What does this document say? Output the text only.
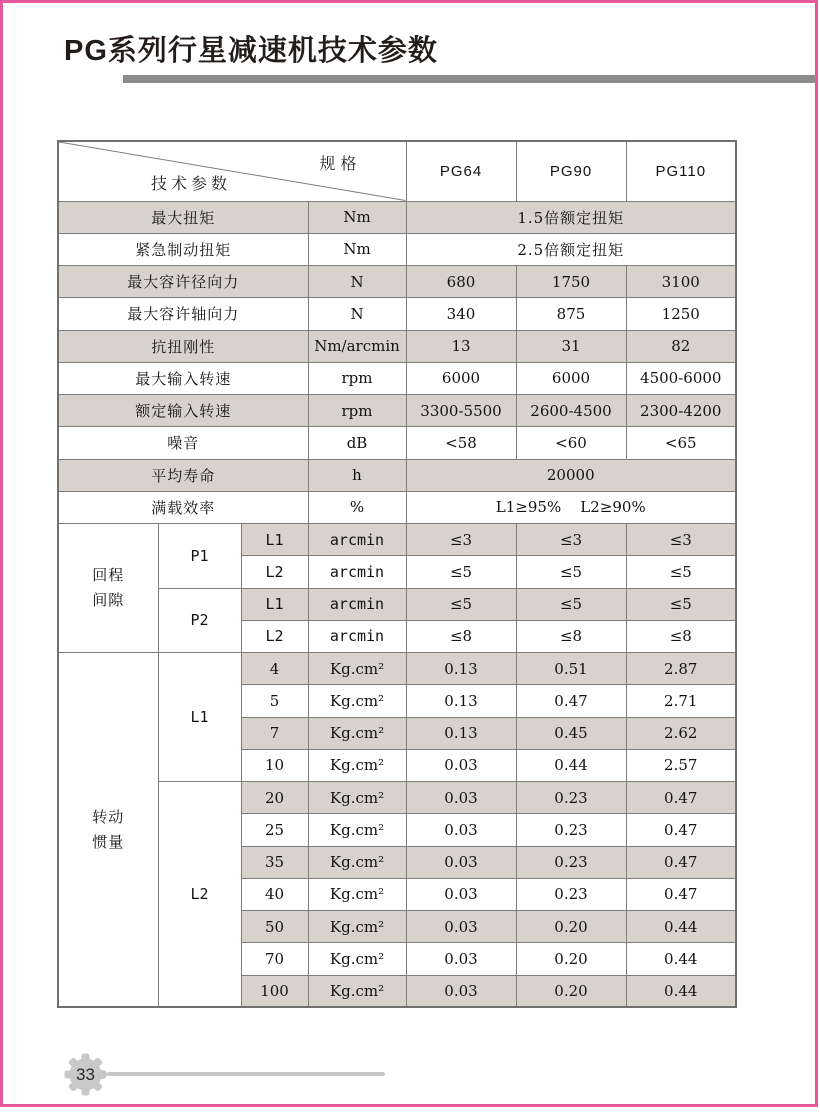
PG系列行星减速机技术参数
规格
技术参数				PG64	PG90	PG110
最大扭矩			Nm	1.5倍额定扭矩		
紧急制动扭矩			Nm	2.5倍额定扭矩		
最大容许径向力			N	680	1750	3100
最大容许轴向力			N	340	875	1250
抗扭刚性			Nm/arcmin	13	31	82
最大输入转速			rpm	6000	6000	4500-6000
额定输入转速			rpm	3300-5500	2600-4500	2300-4200
噪音			dB	<58	<60	<65
平均寿命			h	20000		
满载效率			%	L1≥95%    L2≥90%		
回程间隙	P1	L1	arcmin	≤3	≤3	≤3
		L2	arcmin	≤5	≤5	≤5
	P2	L1	arcmin	≤5	≤5	≤5
		L2	arcmin	≤8	≤8	≤8
转动惯量	L1	4	Kg.cm²	0.13	0.51	2.87
		5	Kg.cm²	0.13	0.47	2.71
		7	Kg.cm²	0.13	0.45	2.62
		10	Kg.cm²	0.03	0.44	2.57
	L2	20	Kg.cm²	0.03	0.23	0.47
		25	Kg.cm²	0.03	0.23	0.47
		35	Kg.cm²	0.03	0.23	0.47
		40	Kg.cm²	0.03	0.23	0.47
		50	Kg.cm²	0.03	0.20	0.44
		70	Kg.cm²	0.03	0.20	0.44
		100	Kg.cm²	0.03	0.20	0.44
33
